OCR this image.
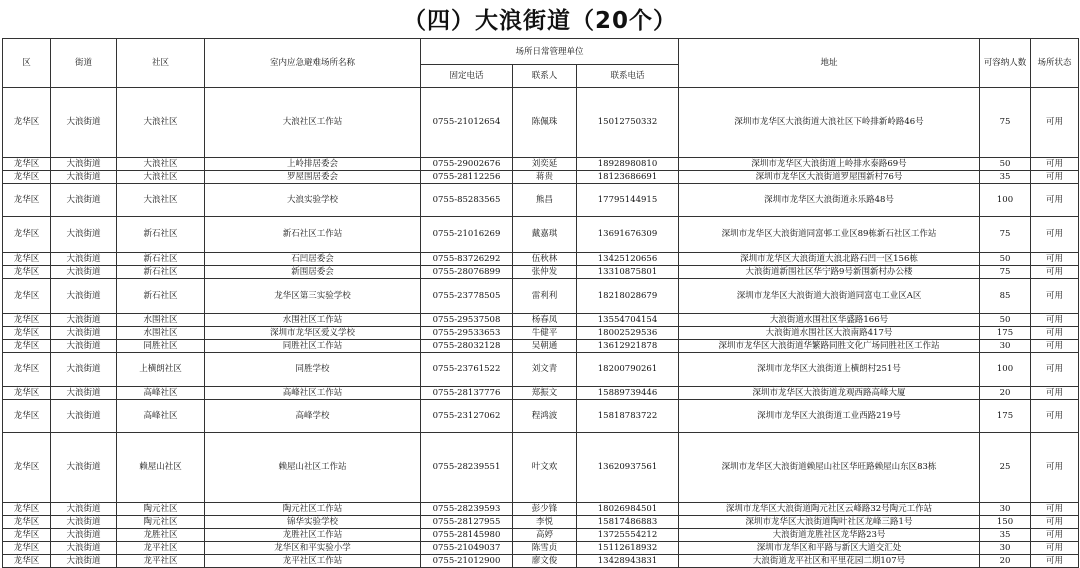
（四）大浪街道（20个）
区	街道	社区	室内应急避难场所名称	场所日常管理单位			地址	可容纳人数	场所状态
				固定电话	联系人	联系电话			
龙华区	大浪街道	大浪社区	大浪社区工作站	0755-21012654	陈佩珠	15012750332	深圳市龙华区大浪街道大浪社区下岭排新岭路46号	75	可用
龙华区	大浪街道	大浪社区	上岭排居委会	0755-29002676	刘奕延	18928980810	深圳市龙华区大浪街道上岭排水泰路69号	50	可用
龙华区	大浪街道	大浪社区	罗屋围居委会	0755-28112256	蒋贵	18123686691	深圳市龙华区大浪街道罗屋围新村76号	35	可用
龙华区	大浪街道	大浪社区	大浪实验学校	0755-85283565	熊昌	17795144915	深圳市龙华区大浪街道永乐路48号	100	可用
龙华区	大浪街道	新石社区	新石社区工作站	0755-21016269	戴嘉琪	13691676309	深圳市龙华区大浪街道同富邨工业区89栋新石社区工作站	75	可用
龙华区	大浪街道	新石社区	石凹居委会	0755-83726292	伍秋林	13425120656	深圳市龙华区大浪街道大浪北路石凹一区156栋	50	可用
龙华区	大浪街道	新石社区	新围居委会	0755-28076899	张仲发	13310875801	大浪街道新围社区华宁路9号新围新村办公楼	75	可用
龙华区	大浪街道	新石社区	龙华区第三实验学校	0755-23778505	雷利利	18218028679	深圳市龙华区大浪街道大浪街道同富屯工业区A区	85	可用
龙华区	大浪街道	水围社区	水围社区工作站	0755-29537508	杨春凤	13554704154	大浪街道水围社区华盛路166号	50	可用
龙华区	大浪街道	水围社区	深圳市龙华区爱义学校	0755-29533653	牛健平	18002529536	大浪街道水围社区大浪南路417号	175	可用
龙华区	大浪街道	同胜社区	同胜社区工作站	0755-28032128	吴朝通	13612921878	深圳市龙华区大浪街道华繁路同胜文化广场同胜社区工作站	30	可用
龙华区	大浪街道	上横朗社区	同胜学校	0755-23761522	刘文青	18200790261	深圳市龙华区大浪街道上横朗村251号	100	可用
龙华区	大浪街道	高峰社区	高峰社区工作站	0755-28137776	郑振文	15889739446	深圳市龙华区大浪街道龙观西路高峰大厦	20	可用
龙华区	大浪街道	高峰社区	高峰学校	0755-23127062	程鸿波	15818783722	深圳市龙华区大浪街道工业西路219号	175	可用
龙华区	大浪街道	赖屋山社区	赖屋山社区工作站	0755-28239551	叶文欢	13620937561	深圳市龙华区大浪街道赖屋山社区华旺路赖屋山东区83栋	25	可用
龙华区	大浪街道	陶元社区	陶元社区工作站	0755-28239593	彭少锋	18026984501	深圳市龙华区大浪街道陶元社区云峰路32号陶元工作站	30	可用
龙华区	大浪街道	陶元社区	锦华实验学校	0755-28127955	李悦	15817486883	深圳市龙华区大浪街道陶叶社区龙峰三路1号	150	可用
龙华区	大浪街道	龙胜社区	龙胜社区工作站	0755-28145980	高婷	13725554212	大浪街道龙胜社区龙华路23号	35	可用
龙华区	大浪街道	龙平社区	龙华区和平实验小学	0755-21049037	陈雪贞	15112618932	深圳市龙华区和平路与新区大道交汇处	30	可用
龙华区	大浪街道	龙平社区	龙平社区工作站	0755-21012900	廖文俊	13428943831	大浪街道龙平社区和平里花园二期107号	20	可用
